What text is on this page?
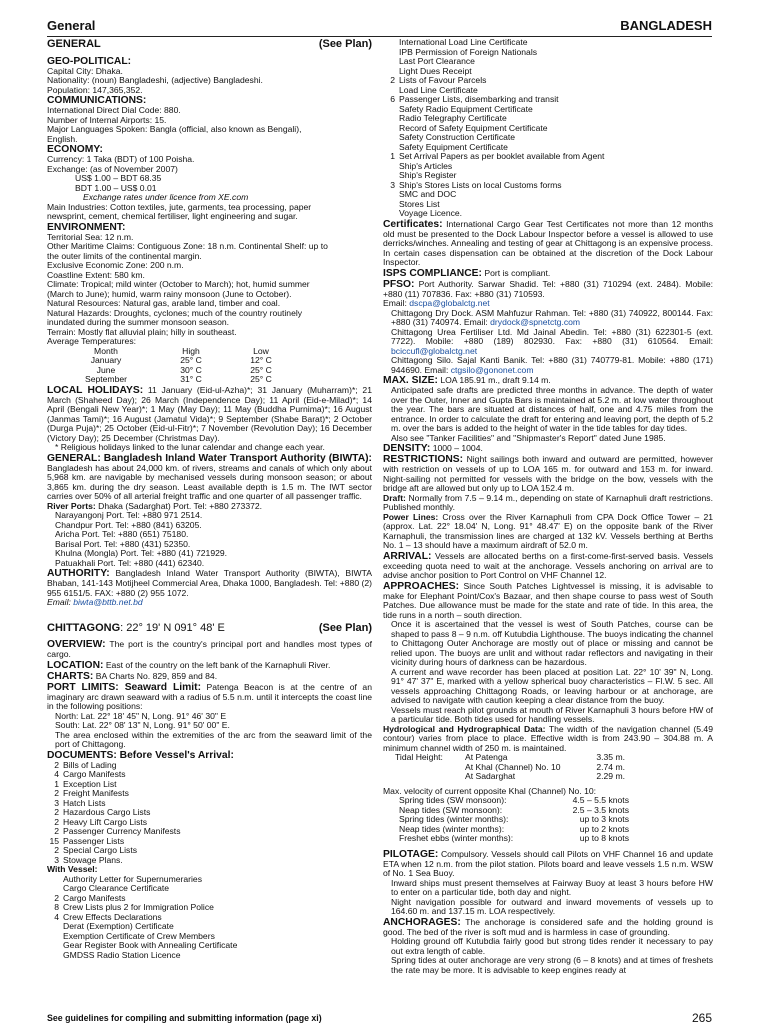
General	BANGLADESH
GENERAL	(See Plan)
GEO-POLITICAL:
Capital City: Dhaka.
Nationality: (noun) Bangladeshi, (adjective) Bangladeshi.
Population: 147,365,352.
COMMUNICATIONS:
International Direct Dial Code: 880.
Number of Internal Airports: 15.
Major Languages Spoken: Bangla (official, also known as Bengali),
English.
ECONOMY:
Currency: 1 Taka (BDT) of 100 Poisha.
Exchange: (as of November 2007)
US$ 1.00 – BDT 68.35
BDT 1.00 – US$ 0.01
Exchange rates under licence from XE.com
Main Industries: Cotton textiles, jute, garments, tea processing, paper
newsprint, cement, chemical fertiliser, light engineering and sugar.
ENVIRONMENT:
Territorial Sea: 12 n.m.
Other Maritime Claims: Contiguous Zone: 18 n.m. Continental Shelf: up to
the outer limits of the continental margin.
Exclusive Economic Zone: 200 n.m.
Coastline Extent: 580 km.
Climate: Tropical; mild winter (October to March); hot, humid summer
(March to June); humid, warm rainy monsoon (June to October).
Natural Resources: Natural gas, arable land, timber and coal.
Natural Hazards: Droughts, cyclones; much of the country routinely
inundated during the summer monsoon season.
Terrain: Mostly flat alluvial plain; hilly in southeast.
Average Temperatures:
Month	High	Low
January	25° C	12° C
June	30° C	25° C
September	31° C	25° C
LOCAL HOLIDAYS: 11 January (Eid-ul-Azha)*; 31 January (Muharram)*; 21 March (Shaheed Day); 26 March (Independence Day); 11 April (Eid-e-Milad)*; 14 April (Bengali New Year)*; 1 May (May Day); 11 May (Buddha Purnima)*; 16 August (Janmas Tami)*; 16 August (Jamatul Vida)*; 9 September (Shabe Barat)*; 2 October (Durga Puja)*; 25 October (Eid-ul-Fitr)*; 7 November (Revolution Day); 16 December (Victory Day); 25 December (Christmas Day).
* Religious holidays linked to the lunar calendar and change each year.
GENERAL: Bangladesh Inland Water Transport Authority (BIWTA): Bangladesh has about 24,000 km. of rivers, streams and canals of which only about 5,968 km. are navigable by mechanised vessels during monsoon season; or about 3,865 km. during the dry season. Least available depth is 1.5 m. The IWT sector carries over 50% of all arterial freight traffic and one quarter of all passenger traffic.
River Ports: Dhaka (Sadarghat) Port. Tel: +880 273372.
Narayangonj Port. Tel: +880 971 2514.
Chandpur Port. Tel: +880 (841) 63205.
Aricha Port. Tel: +880 (651) 75180.
Barisal Port. Tel: +880 (431) 52350.
Khulna (Mongla) Port. Tel: +880 (41) 721929.
Patuakhali Port. Tel: +880 (441) 62340.
AUTHORITY: Bangladesh Inland Water Transport Authority (BIWTA), BIWTA Bhaban, 141-143 Motijheel Commercial Area, Dhaka 1000, Bangladesh. Tel: +880 (2) 955 6151/5. FAX: +880 (2) 955 1072.
Email: biwta@bttb.net.bd
CHITTAGONG: 22° 19' N 091° 48' E	(See Plan)
OVERVIEW: The port is the country's principal port and handles most types of cargo.
LOCATION: East of the country on the left bank of the Karnaphuli River.
CHARTS: BA Charts No. 829, 859 and 84.
PORT LIMITS: Seaward Limit: Patenga Beacon is at the centre of an imaginary arc drawn seaward with a radius of 5.5 n.m. until it intercepts the coast line in the following positions:
North: Lat. 22° 18' 45" N, Long. 91° 46' 30" E
South: Lat. 22° 08' 13" N, Long. 91° 50' 00" E.
The area enclosed within the extremities of the arc from the seaward limit of the port of Chittagong.
DOCUMENTS: Before Vessel's Arrival:
2 Bills of Lading
4 Cargo Manifests
1 Exception List
2 Freight Manifests
3 Hatch Lists
2 Hazardous Cargo Lists
2 Heavy Lift Cargo Lists
2 Passenger Currency Manifests
15 Passenger Lists
2 Special Cargo Lists
3 Stowage Plans.
With Vessel:
Authority Letter for Supernumeraries
Cargo Clearance Certificate
2 Cargo Manifests
8 Crew Lists plus 2 for Immigration Police
4 Crew Effects Declarations
Derat (Exemption) Certificate
Exemption Certificate of Crew Members
Gear Register Book with Annealing Certificate
GMDSS Radio Station Licence
International Load Line Certificate
IPB Permission of Foreign Nationals
Last Port Clearance
Light Dues Receipt
2 Lists of Favour Parcels
Load Line Certificate
6 Passenger Lists, disembarking and transit
Safety Radio Equipment Certificate
Radio Telegraphy Certificate
Record of Safety Equipment Certificate
Safety Construction Certificate
Safety Equipment Certificate
1 Set Arrival Papers as per booklet available from Agent
Ship's Articles
Ship's Register
3 Ship's Stores Lists on local Customs forms
SMC and DOC
Stores List
Voyage Licence.
Certificates: International Cargo Gear Test Certificates not more than 12 months old must be presented to the Dock Labour Inspector before a vessel is allowed to use derricks/winches. Annealing and testing of gear at Chittagong is an expensive process. In certain cases dispensation can be obtained at the discretion of the Dock Labour Inspector.
ISPS COMPLIANCE: Port is compliant.
PFSO: Port Authority. Sarwar Shadid. Tel: +880 (31) 710294 (ext. 2484). Mobile: +880 (11) 707836. Fax: +880 (31) 710593.
Email: dscpa@globalctg.net
Chittagong Dry Dock. ASM Mahfuzur Rahman. Tel: +880 (31) 740922, 800144. Fax: +880 (31) 740974. Email: drydock@spnetctg.com
Chittagong Urea Fertiliser Ltd. Md Jainal Abedin. Tel: +880 (31) 622301-5 (ext. 7722). Mobile: +880 (189) 802930. Fax: +880 (31) 610564. Email: bciccufl@globalctg.net
Chittagong Silo. Sajal Kanti Banik. Tel: +880 (31) 740779-81. Mobile: +880 (171) 944690. Email: ctgsilo@gononet.com
MAX. SIZE: LOA 185.91 m., draft 9.14 m.
Anticipated safe drafts are predicted three months in advance. The depth of water over the Outer, Inner and Gupta Bars is maintained at 5.2 m. at low water throughout the year. The bars are situated at distances of half, one and 4.75 miles from the entrance. In order to calculate the draft for entering and leaving port, the depth of 5.2 m. over the bars is added to the height of water in the tide tables for day tides.
Also see "Tanker Facilities" and "Shipmaster's Report" dated June 1985.
DENSITY: 1000 – 1004.
RESTRICTIONS: Night sailings both inward and outward are permitted, however with restriction on vessels of up to LOA 165 m. for outward and 153 m. for inward. Night-sailing not permitted for vessels with the bridge on the bow, vessels with the bridge aft are allowed but only up to LOA 152.4 m.
Draft: Normally from 7.5 – 9.14 m., depending on state of Karnaphuli draft restrictions. Published monthly.
Power Lines: Cross over the River Karnaphuli from CPA Dock Office Tower – 21 (approx. Lat. 22° 18.04' N, Long. 91° 48.47' E) on the opposite bank of the River Karnaphuli, the transmission lines are charged at 132 kV. Vessels berthing at Berths No. 1 – 13 should have a maximum airdraft of 52.0 m.
ARRIVAL: Vessels are allocated berths on a first-come-first-served basis. Vessels exceeding quota need to wait at the anchorage. Vessels anchoring on arrival are to advise anchor position to Port Control on VHF Channel 12.
APPROACHES: Since South Patches Lightvessel is missing, it is advisable to make for Elephant Point/Cox's Bazaar, and then shape course to pass west of South Patches. Due allowance must be made for the state and rate of tide. In this area, the tide runs in a north – south direction.
Once it is ascertained that the vessel is west of South Patches, course can be shaped to pass 8 – 9 n.m. off Kutubdia Lighthouse. The buoys indicating the channel to Chittagong Outer Anchorage are mostly out of place or missing and cannot be relied upon. The buoys are unlit and without radar reflectors and navigating in their vicinity during hours of darkness can be hazardous.
A current and wave recorder has been placed at position Lat. 22° 10' 39" N, Long. 91° 47' 37" E, marked with a yellow spherical buoy characteristics – Fl.W. 5 sec. All vessels approaching Chittagong Roads, or leaving harbour or at anchorage, are advised to navigate with caution keeping a clear distance from the buoy.
Vessels must reach pilot grounds at mouth of River Karnaphuli 3 hours before HW of a particular tide. Both tides used for handling vessels.
Hydrological and Hydrographical Data: The width of the navigation channel (5.49 contour) varies from place to place. Effective width is from 243.90 – 304.88 m. A minimum channel width of 250 m. is maintained.
Tidal Height:	At Patenga	3.35 m.
	At Khal (Channel) No. 10	2.74 m.
	At Sadarghat	2.29 m.
Max. velocity of current opposite Khal (Channel) No. 10:
Spring tides (SW monsoon):	4.5 – 5.5 knots
Neap tides (SW monsoon):	2.5 – 3.5 knots
Spring tides (winter months):	up to 3 knots
Neap tides (winter months):	up to 2 knots
Freshet ebbs (winter months):	up to 8 knots
PILOTAGE: Compulsory. Vessels should call Pilots on VHF Channel 16 and update ETA when 12 n.m. from the pilot station. Pilots board and leave vessels 1.5 n.m. WSW of No. 1 Sea Buoy.
Inward ships must present themselves at Fairway Buoy at least 3 hours before HW to enter on a particular tide, both day and night.
Night navigation possible for outward and inward movements of vessels up to 164.60 m. and 137.15 m. LOA respectively.
ANCHORAGES: The anchorage is considered safe and the holding ground is good. The bed of the river is soft mud and is harmless in case of grounding.
Holding ground off Kutubdia fairly good but strong tides render it necessary to pay out extra length of cable.
Spring tides at outer anchorage are very strong (6 – 8 knots) and at times of freshets the rate may be more. It is advisable to keep engines ready at
See guidelines for compiling and submitting information (page xi)	265
